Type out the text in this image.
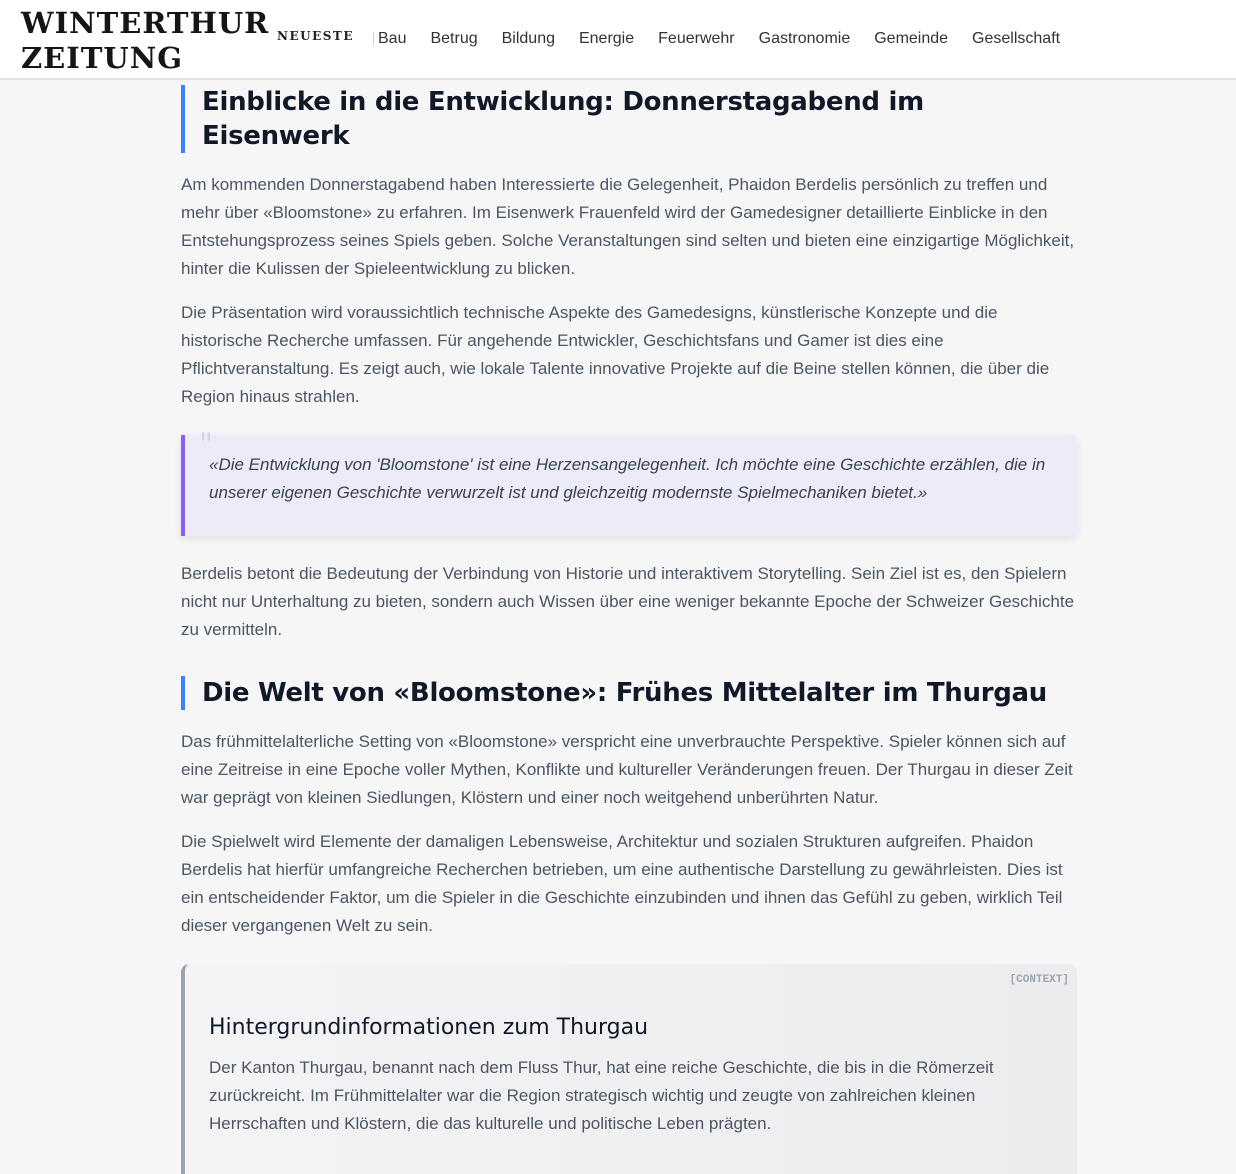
WINTERTHUR
ZEITUNG
NEUESTE Bau Betrug Bildung Energie Feuerwehr Gastronomie Gemeinde Gesellschaft
Einblicke in die Entwicklung: Donnerstagabend im Eisenwerk

Am kommenden Donnerstagabend haben Interessierte die Gelegenheit, Phaidon Berdelis persönlich zu treffen und mehr über «Bloomstone» zu erfahren. Im Eisenwerk Frauenfeld wird der Gamedesigner detaillierte Einblicke in den Entstehungsprozess seines Spiels geben. Solche Veranstaltungen sind selten und bieten eine einzigartige Möglichkeit, hinter die Kulissen der Spieleentwicklung zu blicken.

Die Präsentation wird voraussichtlich technische Aspekte des Gamedesigns, künstlerische Konzepte und die historische Recherche umfassen. Für angehende Entwickler, Geschichtsfans und Gamer ist dies eine Pflichtveranstaltung. Es zeigt auch, wie lokale Talente innovative Projekte auf die Beine stellen können, die über die Region hinaus strahlen.

"

«Die Entwicklung von 'Bloomstone' ist eine Herzensangelegenheit. Ich möchte eine Geschichte erzählen, die in unserer eigenen Geschichte verwurzelt ist und gleichzeitig modernste Spielmechaniken bietet.»

Berdelis betont die Bedeutung der Verbindung von Historie und interaktivem Storytelling. Sein Ziel ist es, den Spielern nicht nur Unterhaltung zu bieten, sondern auch Wissen über eine weniger bekannte Epoche der Schweizer Geschichte zu vermitteln.

Die Welt von «Bloomstone»: Frühes Mittelalter im Thurgau

Das frühmittelalterliche Setting von «Bloomstone» verspricht eine unverbrauchte Perspektive. Spieler können sich auf eine Zeitreise in eine Epoche voller Mythen, Konflikte und kultureller Veränderungen freuen. Der Thurgau in dieser Zeit war geprägt von kleinen Siedlungen, Klöstern und einer noch weitgehend unberührten Natur.

Die Spielwelt wird Elemente der damaligen Lebensweise, Architektur und sozialen Strukturen aufgreifen. Phaidon Berdelis hat hierfür umfangreiche Recherchen betrieben, um eine authentische Darstellung zu gewährleisten. Dies ist ein entscheidender Faktor, um die Spieler in die Geschichte einzubinden und ihnen das Gefühl zu geben, wirklich Teil dieser vergangenen Welt zu sein.

[CONTEXT]
Hintergrundinformationen zum Thurgau

Der Kanton Thurgau, benannt nach dem Fluss Thur, hat eine reiche Geschichte, die bis in die Römerzeit zurückreicht. Im Frühmittelalter war die Region strategisch wichtig und zeugte von zahlreichen kleinen Herrschaften und Klöstern, die das kulturelle und politische Leben prägten.
